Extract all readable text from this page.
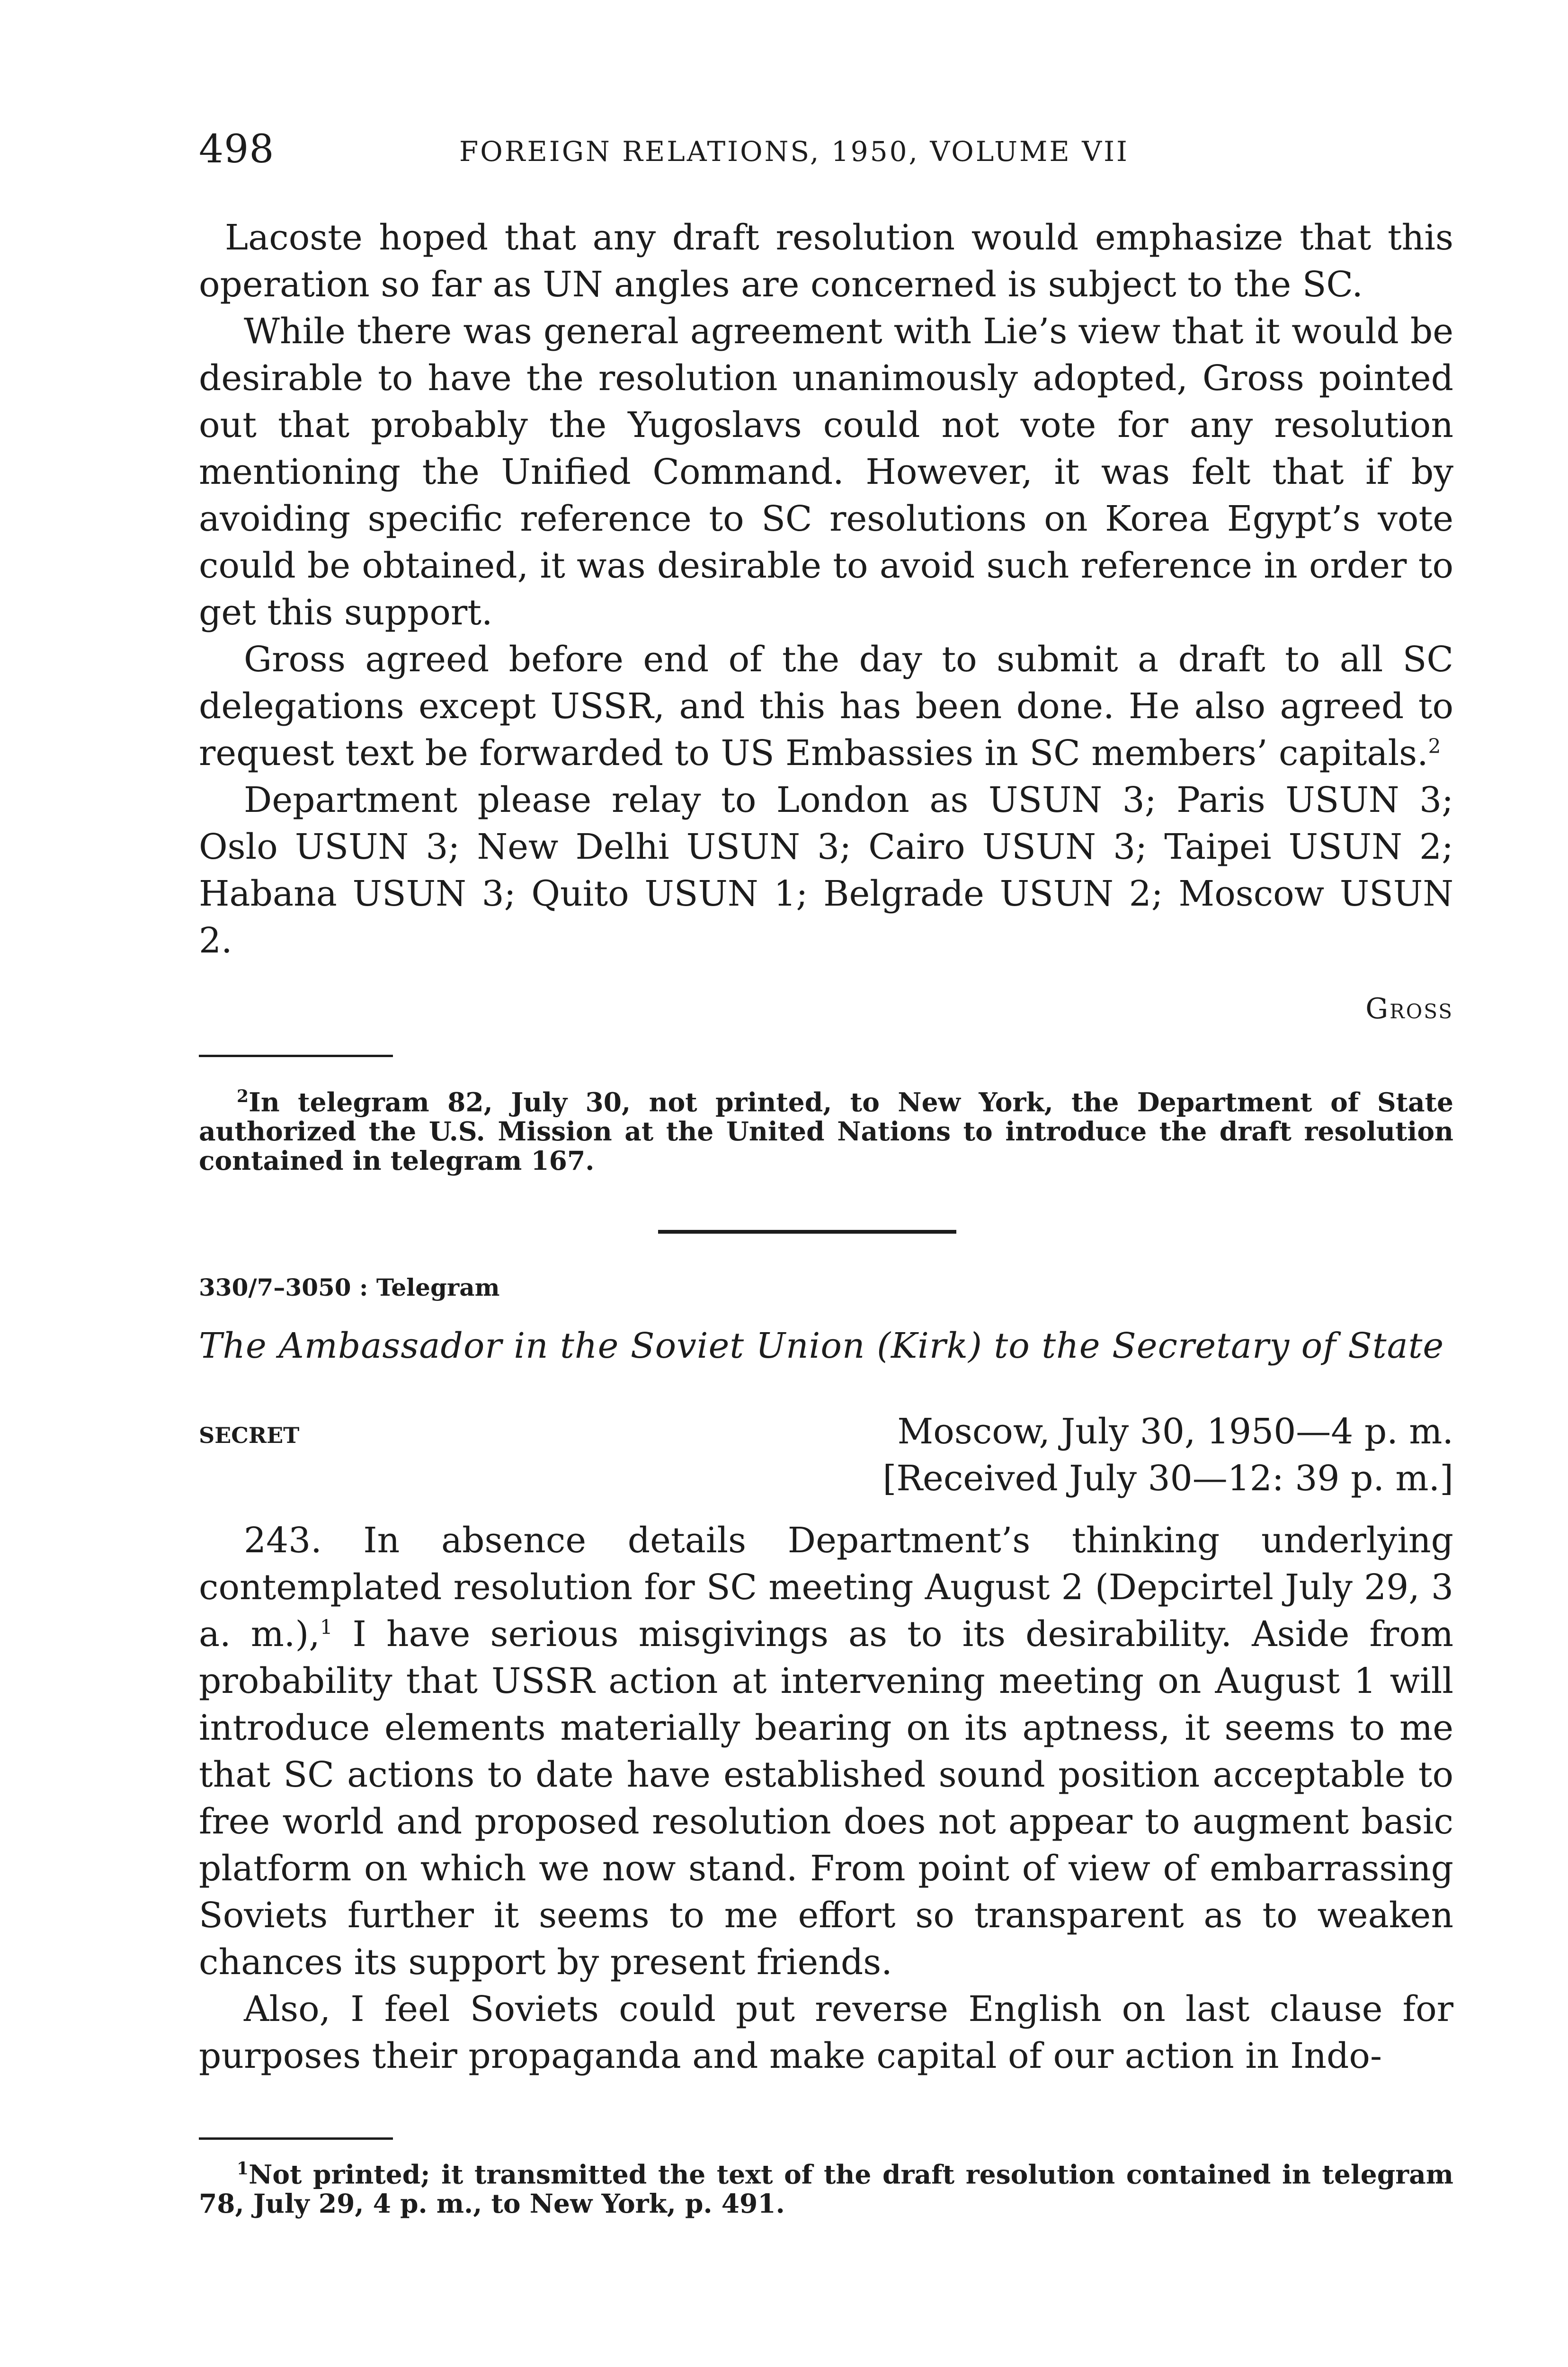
498	FOREIGN RELATIONS, 1950, VOLUME VII

Lacoste hoped that any draft resolution would emphasize that this operation so far as UN angles are concerned is subject to the SC.

While there was general agreement with Lie’s view that it would be desirable to have the resolution unanimously adopted, Gross pointed out that probably the Yugoslavs could not vote for any resolution mentioning the Unified Command. However, it was felt that if by avoiding specific reference to SC resolutions on Korea Egypt’s vote could be obtained, it was desirable to avoid such reference in order to get this support.

Gross agreed before end of the day to submit a draft to all SC delegations except USSR, and this has been done. He also agreed to request text be forwarded to US Embassies in SC members’ capitals.$^2$

Department please relay to London as USUN 3; Paris USUN 3; Oslo USUN 3; New Delhi USUN 3; Cairo USUN 3; Taipei USUN 2; Habana USUN 3; Quito USUN 1; Belgrade USUN 2; Moscow USUN 2.

Gross

$^2$In telegram 82, July 30, not printed, to New York, the Department of State authorized the U.S. Mission at the United Nations to introduce the draft resolution contained in telegram 167.

330/7–3050 : Telegram
The Ambassador in the Soviet Union (Kirk) to the Secretary of State
SECRET	Moscow, July 30, 1950—4 p. m.
[Received July 30—12: 39 p. m.]

243. In absence details Department’s thinking underlying contemplated resolution for SC meeting August 2 (Depcirtel July 29, 3 a. m.),$^1$ I have serious misgivings as to its desirability. Aside from probability that USSR action at intervening meeting on August 1 will introduce elements materially bearing on its aptness, it seems to me that SC actions to date have established sound position acceptable to free world and proposed resolution does not appear to augment basic platform on which we now stand. From point of view of embarrassing Soviets further it seems to me effort so transparent as to weaken chances its support by present friends.

Also, I feel Soviets could put reverse English on last clause for purposes their propaganda and make capital of our action in Indo-

$^1$Not printed; it transmitted the text of the draft resolution contained in telegram 78, July 29, 4 p. m., to New York, p. 491.
